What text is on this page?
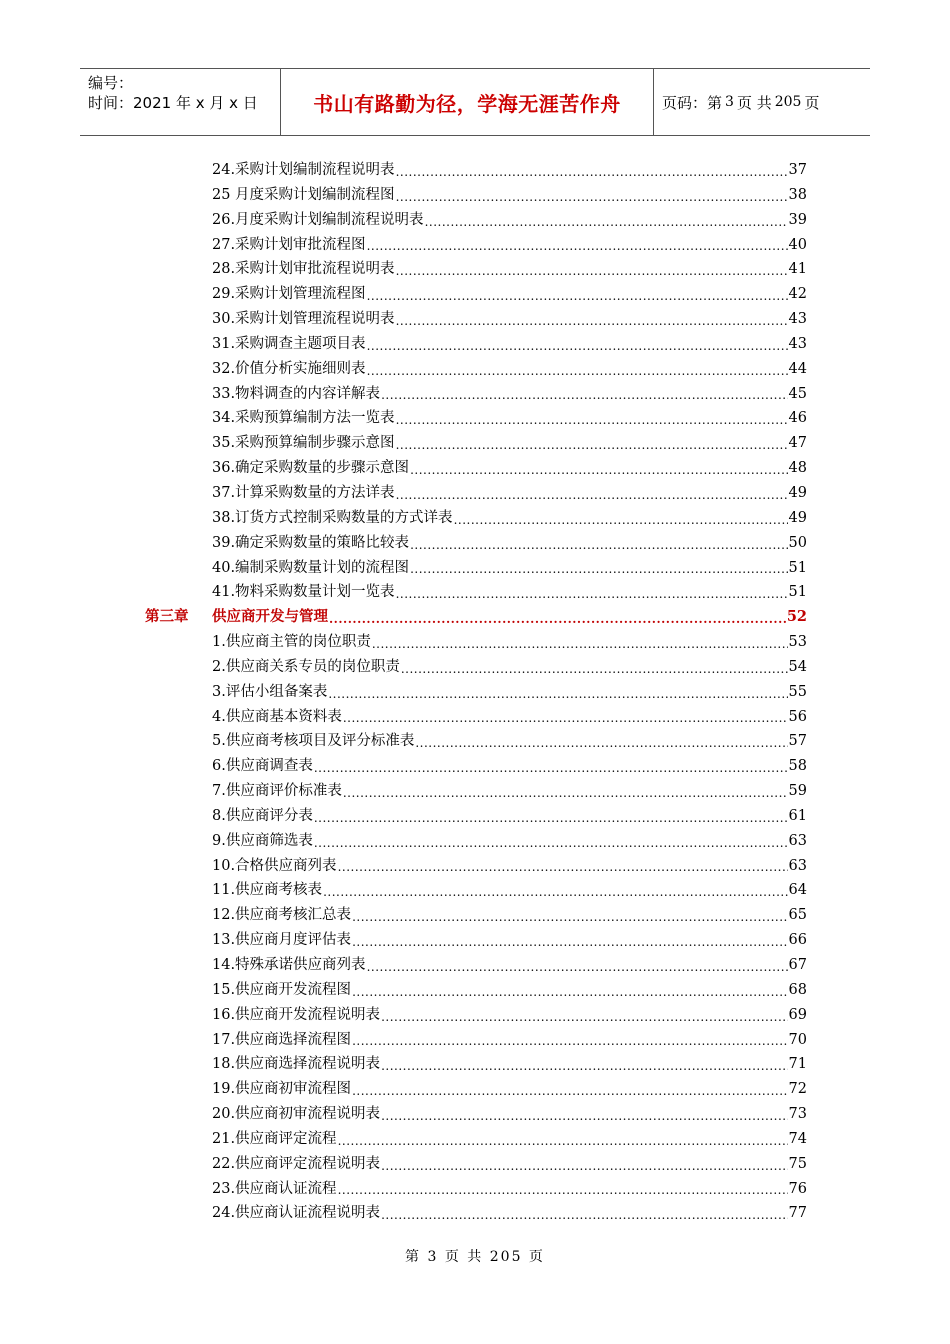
编号：
时间：2021 年 x 月 x 日	书山有路勤为径，学海无涯苦作舟	页码：第 3 页 共 205 页
24.采购计划编制流程说明表 .....	37
25 月度采购计划编制流程图 .....	38
26.月度采购计划编制流程说明表 .....	39
27.采购计划审批流程图 .....	40
28.采购计划审批流程说明表 .....	41
29.采购计划管理流程图 .....	42
30.采购计划管理流程说明表 .....	43
31.采购调查主题项目表 .....	43
32.价值分析实施细则表 .....	44
33.物料调查的内容详解表 .....	45
34.采购预算编制方法一览表 .....	46
35.采购预算编制步骤示意图 .....	47
36.确定采购数量的步骤示意图 .....	48
37.计算采购数量的方法详表 .....	49
38.订货方式控制采购数量的方式详表 .....	49
39.确定采购数量的策略比较表 .....	50
40.编制采购数量计划的流程图 .....	51
41.物料采购数量计划一览表 .....	51
第三章	供应商开发与管理 .....	52
1.供应商主管的岗位职责 .....	53
2.供应商关系专员的岗位职责 .....	54
3.评估小组备案表 .....	55
4.供应商基本资料表 .....	56
5.供应商考核项目及评分标准表 .....	57
6.供应商调查表 .....	58
7.供应商评价标准表 .....	59
8.供应商评分表 .....	61
9.供应商筛选表 .....	63
10.合格供应商列表 .....	63
11.供应商考核表 .....	64
12.供应商考核汇总表 .....	65
13.供应商月度评估表 .....	66
14.特殊承诺供应商列表 .....	67
15.供应商开发流程图 .....	68
16.供应商开发流程说明表 .....	69
17.供应商选择流程图 .....	70
18.供应商选择流程说明表 .....	71
19.供应商初审流程图 .....	72
20.供应商初审流程说明表 .....	73
21.供应商评定流程 .....	74
22.供应商评定流程说明表 .....	75
23.供应商认证流程 .....	76
24.供应商认证流程说明表 .....	77
第 3 页 共 205 页
